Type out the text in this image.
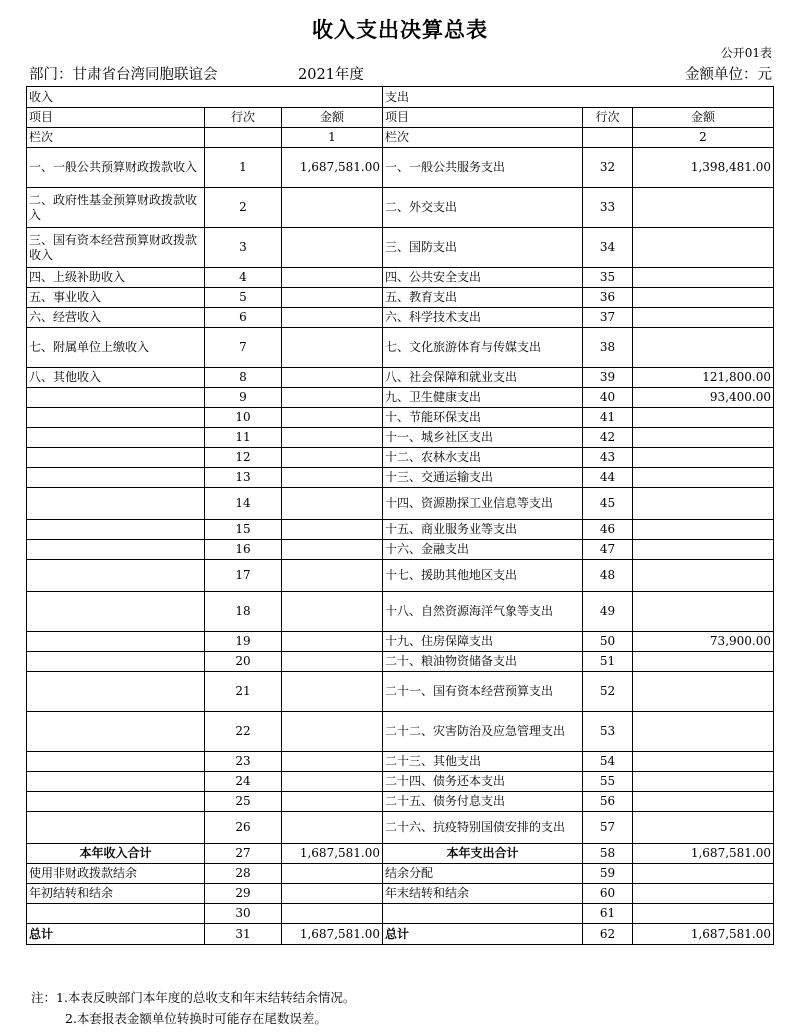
收入支出决算总表
公开01表
部门：甘肃省台湾同胞联谊会	2021年度	金额单位：元
收入			支出		
项目	行次	金额	项目	行次	金额
栏次		1	栏次		2
一、一般公共预算财政拨款收入	1	1,687,581.00	一、一般公共服务支出	32	1,398,481.00
二、政府性基金预算财政拨款收入	2		二、外交支出	33	
三、国有资本经营预算财政拨款收入	3		三、国防支出	34	
四、上级补助收入	4		四、公共安全支出	35	
五、事业收入	5		五、教育支出	36	
六、经营收入	6		六、科学技术支出	37	
七、附属单位上缴收入	7		七、文化旅游体育与传媒支出	38	
八、其他收入	8		八、社会保障和就业支出	39	121,800.00
	9		九、卫生健康支出	40	93,400.00
	10		十、节能环保支出	41	
	11		十一、城乡社区支出	42	
	12		十二、农林水支出	43	
	13		十三、交通运输支出	44	
	14		十四、资源勘探工业信息等支出	45	
	15		十五、商业服务业等支出	46	
	16		十六、金融支出	47	
	17		十七、援助其他地区支出	48	
	18		十八、自然资源海洋气象等支出	49	
	19		十九、住房保障支出	50	73,900.00
	20		二十、粮油物资储备支出	51	
	21		二十一、国有资本经营预算支出	52	
	22		二十二、灾害防治及应急管理支出	53	
	23		二十三、其他支出	54	
	24		二十四、债务还本支出	55	
	25		二十五、债务付息支出	56	
	26		二十六、抗疫特别国债安排的支出	57	
本年收入合计	27	1,687,581.00	本年支出合计	58	1,687,581.00
使用非财政拨款结余	28		结余分配	59	
年初结转和结余	29		年末结转和结余	60	
	30			61	
总计	31	1,687,581.00	总计	62	1,687,581.00
注：1.本表反映部门本年度的总收支和年末结转结余情况。
2.本套报表金额单位转换时可能存在尾数误差。
